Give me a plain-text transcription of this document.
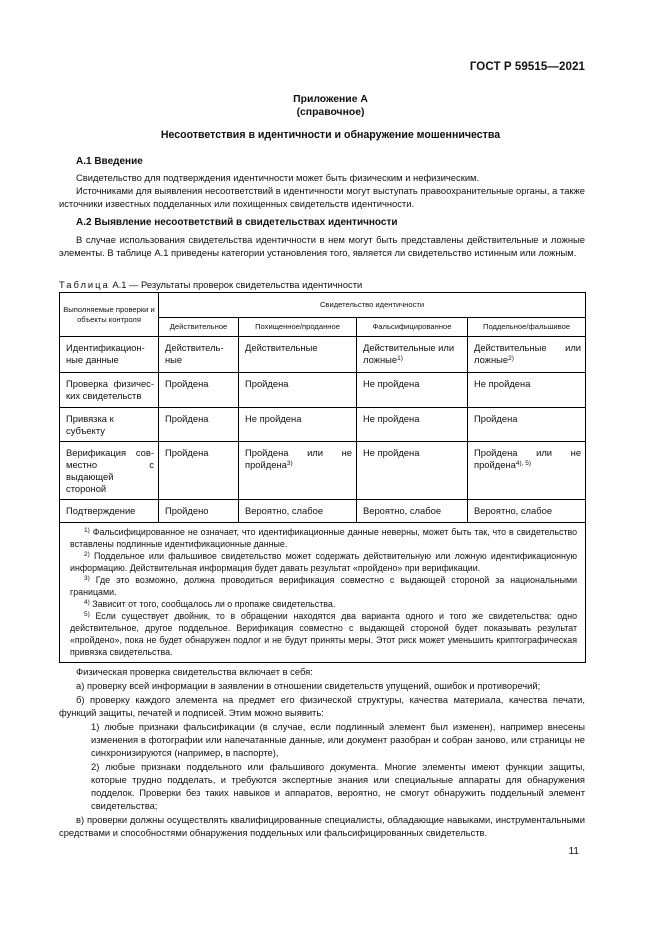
ГОСТ Р 59515—2021
Приложение А
(справочное)
Несоответствия в идентичности и обнаружение мошенничества
А.1 Введение
Свидетельство для подтверждения идентичности может быть физическим и нефизическим.
Источниками для выявления несоответствий в идентичности могут выступать правоохранительные органы, а также источники известных подделанных или похищенных свидетельств идентичности.
А.2 Выявление несоответствий в свидетельствах идентичности
В случае использования свидетельства идентичности в нем могут быть представлены действительные и ложные элементы. В таблице А.1 приведены категории установления того, является ли свидетельство истинным или ложным.
Таблица А.1 — Результаты проверок свидетельства идентичности
Выполняемые проверки и объекты контроля	Свидетельство идентичности			
	Действительное	Похищенное/проданное	Фальсифицированное	Поддельное/фальшивое
Идентификацион-ные данные	Действитель-ные	Действительные	Действительные или ложные$^{1)}$	Действительные или ложные$^{2)}$
Проверка физичес-ких свидетельств	Пройдена	Пройдена	Не пройдена	Не пройдена
Привязка к субъекту	Пройдена	Не пройдена	Не пройдена	Пройдена
Верификация сов-местно с выдающей стороной	Пройдена	Пройдена или не пройдена$^{3)}$	Не пройдена	Пройдена или не пройдена$^{4), 5)}$
Подтверждение	Пройдено	Вероятно, слабое	Вероятно, слабое	Вероятно, слабое

$^{1)}$ Фальсифицированное не означает, что идентификационные данные неверны, может быть так, что в свидетельство вставлены подлинные идентификационные данные.

$^{2)}$ Поддельное или фальшивое свидетельство может содержать действительную или ложную идентификационную информацию. Действительная информация будет давать результат «пройдено» при верификации.

$^{3)}$ Где это возможно, должна проводиться верификация совместно с выдающей стороной за национальными границами.

$^{4)}$ Зависит от того, сообщалось ли о пропаже свидетельства.

$^{5)}$ Если существует двойник, то в обращении находятся два варианта одного и того же свидетельства: одно действительное, другое поддельное. Верификация совместно с выдающей стороной будет показывать результат «пройдено», пока не будет обнаружен подлог и не будут приняты меры. Этот риск может уменьшить криптографическая привязка свидетельства.				

Физическая проверка свидетельства включает в себя:

а) проверку всей информации в заявлении в отношении свидетельств упущений, ошибок и противоречий;

б) проверку каждого элемента на предмет его физической структуры, качества материала, качества печати, функций защиты, печатей и подписей. Этим можно выявить:

1) любые признаки фальсификации (в случае, если подлинный элемент был изменен), например внесены изменения в фотографии или напечатанные данные, или документ разобран и собран заново, или страницы не синхронизируются (например, в паспорте),

2) любые признаки поддельного или фальшивого документа. Многие элементы имеют функции защиты, которые трудно подделать, и требуются экспертные знания или специальные аппараты для обнаружения подделок. Проверки без таких навыков и аппаратов, вероятно, не смогут обнаружить поддельный элемент свидетельства;

в) проверки должны осуществлять квалифицированные специалисты, обладающие навыками, инструментальными средствами и способностями обнаружения поддельных или фальсифицированных свидетельств.

11
